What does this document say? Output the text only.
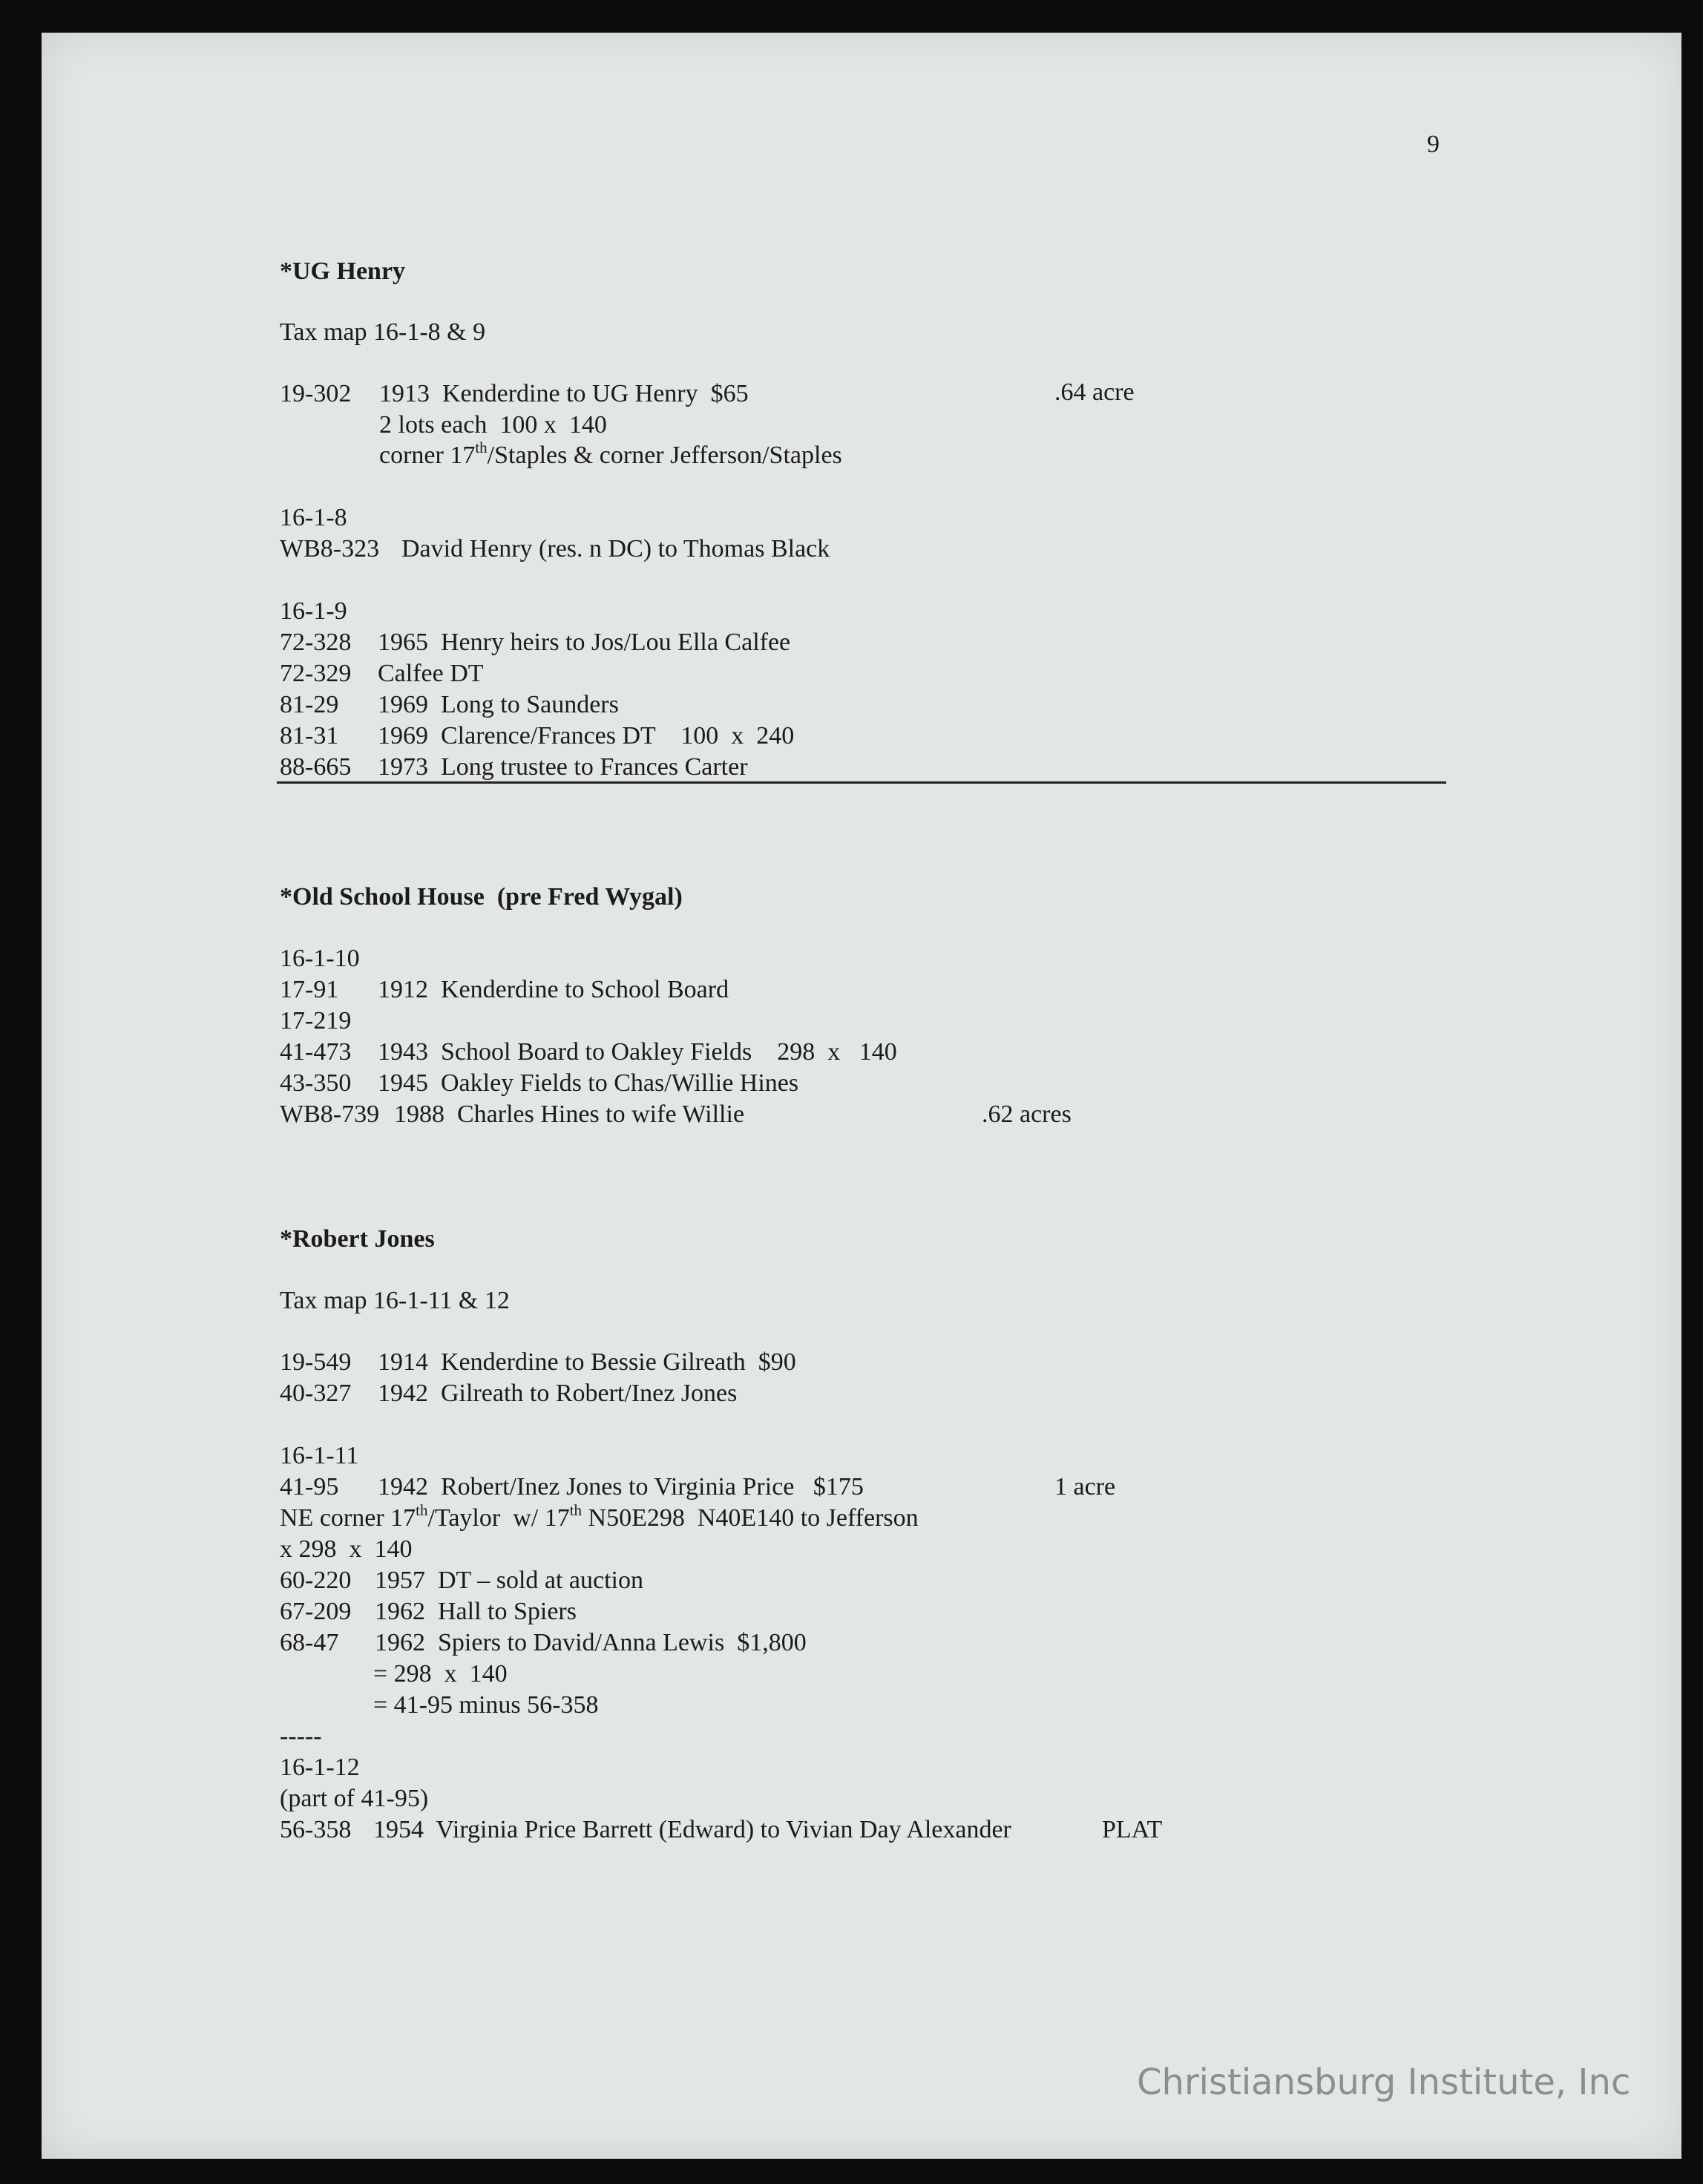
9
*UG Henry
Tax map 16-1-8 & 9
19-302 1913  Kenderdine to UG Henry  $65	.64 acre
2 lots each  100 x  140
corner 17th/Staples & corner Jefferson/Staples
16-1-8
WB8-323 David Henry (res. n DC) to Thomas Black
16-1-9
72-328 1965  Henry heirs to Jos/Lou Ella Calfee
72-329 Calfee DT
81-29 1969  Long to Saunders
81-31 1969  Clarence/Frances DT    100  x  240
88-665 1973  Long trustee to Frances Carter
*Old School House  (pre Fred Wygal)
16-1-10
17-91 1912  Kenderdine to School Board
17-219
41-473 1943  School Board to Oakley Fields    298  x   140
43-350 1945  Oakley Fields to Chas/Willie Hines
WB8-739 1988  Charles Hines to wife Willie	.62 acres
*Robert Jones
Tax map 16-1-11 & 12
19-549 1914  Kenderdine to Bessie Gilreath  $90
40-327 1942  Gilreath to Robert/Inez Jones
16-1-11
41-95 1942  Robert/Inez Jones to Virginia Price   $175	1 acre
NE corner 17th/Taylor  w/ 17th N50E298  N40E140 to Jefferson
x 298  x  140
60-220 1957  DT – sold at auction
67-209 1962  Hall to Spiers
68-47 1962  Spiers to David/Anna Lewis  $1,800
= 298  x  140
= 41-95 minus 56-358
-----
16-1-12
(part of 41-95)
56-358 1954  Virginia Price Barrett (Edward) to Vivian Day Alexander	PLAT
Christiansburg Institute, Inc
